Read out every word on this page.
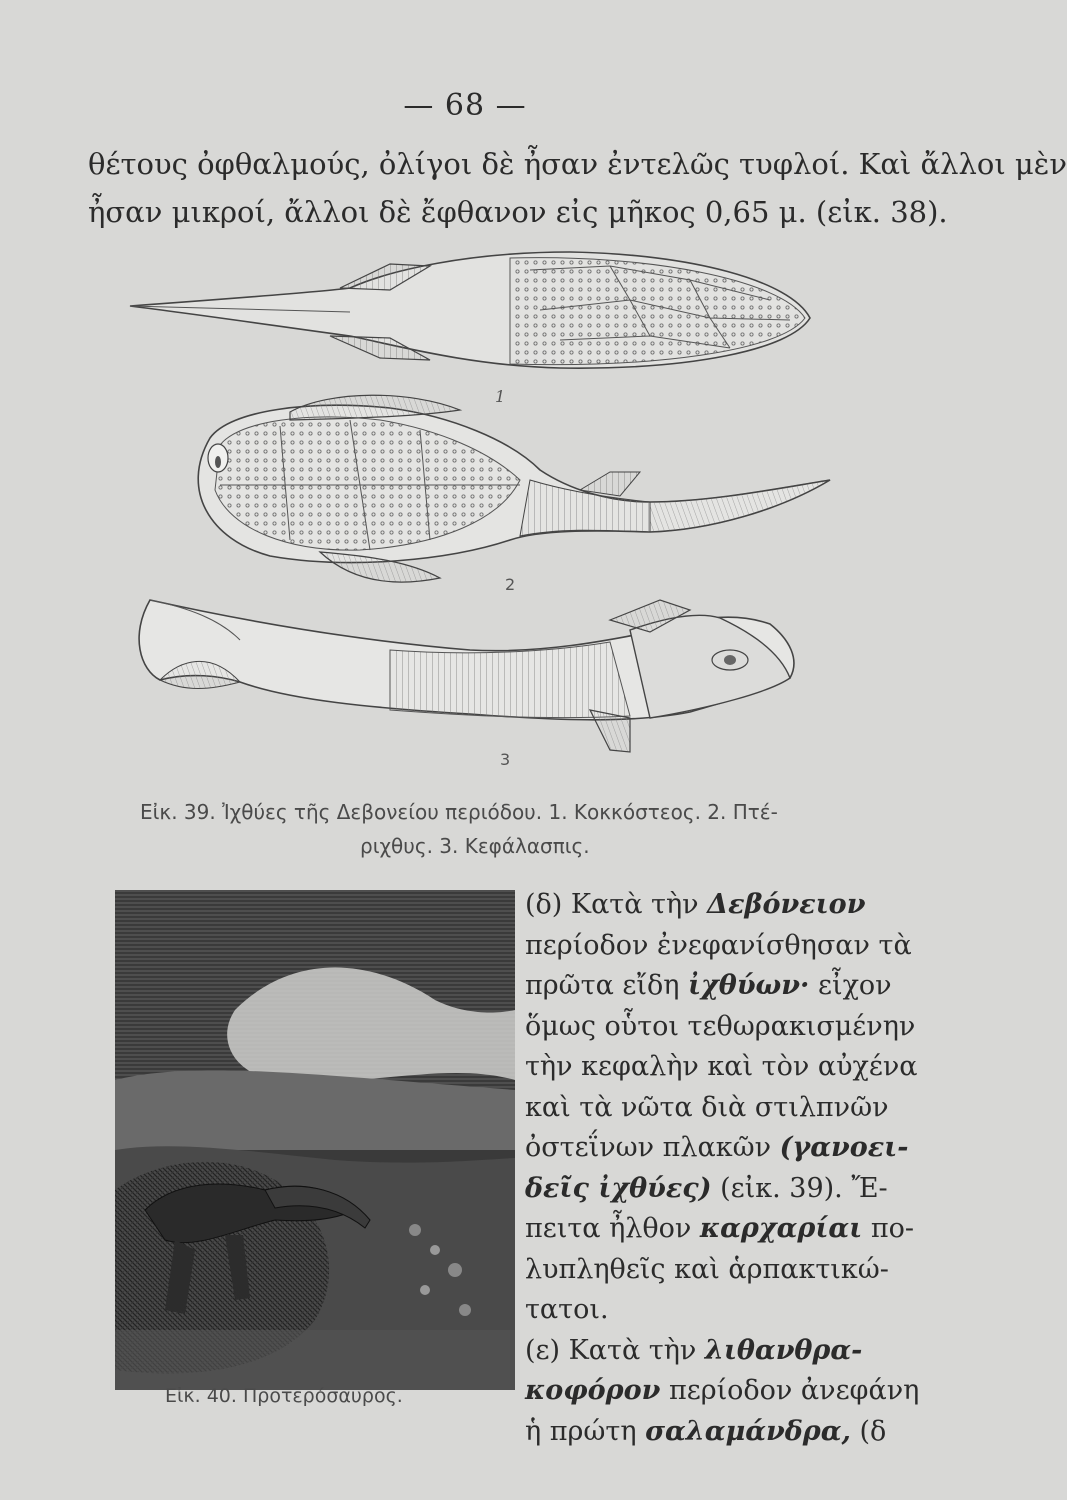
— 68 —
θέτους ὀφθαλμούς, ὀλίγοι δὲ ἦσαν ἐντελῶς τυφλοί. Καὶ ἄλλοι μὲν
ἦσαν μικροί, ἄλλοι δὲ ἔφθανον εἰς μῆκος 0,65 μ. (εἰκ. 38).
2
3
1
Εἰκ. 39. Ἰχθύες τῆς Δεβονείου περιόδου. 1. Κοκκόστεος. 2. Πτέ-
ριχθυς. 3. Κεφάλασπις.
Εἰκ. 40. Προτερόσαυρος.
(δ) Κατὰ τὴν Δεβόνειον
περίοδον ἐνεφανίσθησαν τὰ
πρῶτα εἴδη ἰχθύων· εἶχον
ὅμως οὗτοι τεθωρακισμένην
τὴν κεφαλὴν καὶ τὸν αὐχένα
καὶ τὰ νῶτα διὰ στιλπνῶν
ὀστεΐνων πλακῶν (γανοει-
δεῖς ἰχθύες) (εἰκ. 39). Ἔ-
πειτα ἦλθον καρχαρίαι πο-
λυπληθεῖς καὶ ἁρπακτικώ-
τατοι.
(ε) Κατὰ τὴν λιθανθρα-
κοφόρον περίοδον ἀνεφάνη
ἡ πρώτη σαλαμάνδρα, (δ
